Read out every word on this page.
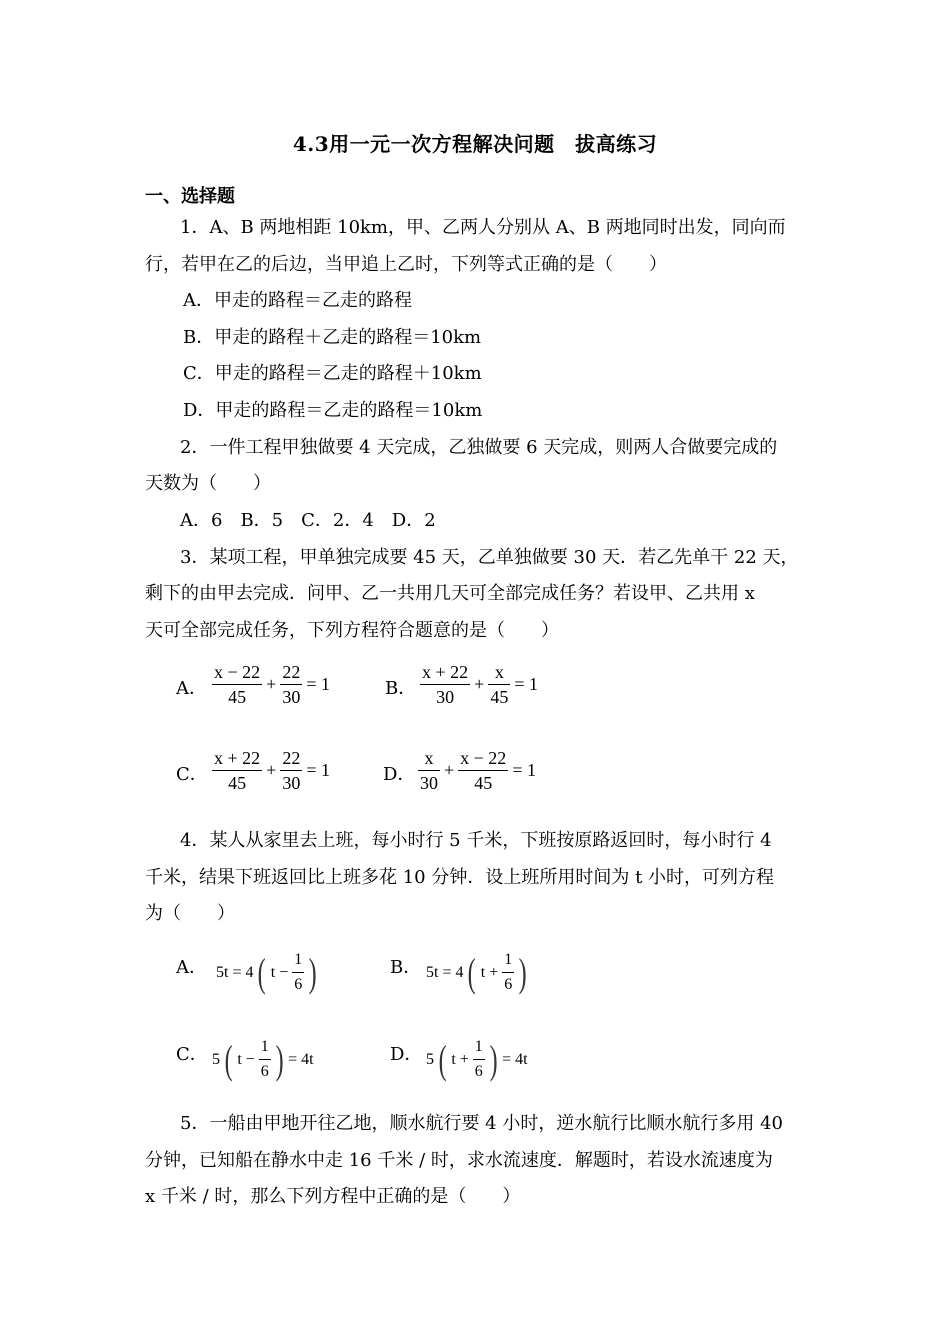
4.3用一元一次方程解决问题　拔高练习
一、选择题
1．A、B 两地相距 10km，甲、乙两人分别从 A、B 两地同时出发，同向而
行，若甲在乙的后边，当甲追上乙时，下列等式正确的是（　　）
A．甲走的路程＝乙走的路程
B．甲走的路程＋乙走的路程＝10km
C．甲走的路程＝乙走的路程＋10km
D．甲走的路程＝乙走的路程＝10km
2．一件工程甲独做要 4 天完成，乙独做要 6 天完成，则两人合做要完成的
天数为（　　）
A．6　B．5　C．2．4　D．2
3．某项工程，甲单独完成要 45 天，乙单独做要 30 天．若乙先单干 22 天，
剩下的由甲去完成．问甲、乙一共用几天可全部完成任务？若设甲、乙共用 x
天可全部完成任务，下列方程符合题意的是（　　）
A． $\frac{x - 22}{45} + \frac{22}{30} = 1$	B． $\frac{x + 22}{30} + \frac{x}{45} = 1$
C． $\frac{x + 22}{45} + \frac{22}{30} = 1$	D． $\frac{x}{30} + \frac{x - 22}{45} = 1$
4．某人从家里去上班，每小时行 5 千米，下班按原路返回时，每小时行 4
千米，结果下班返回比上班多花 10 分钟．设上班所用时间为 t 小时，可列方程
为（　　）
A． 5t = 4 ( $t - \frac{1}{6}$ )	B． 5t = 4 ( $t + \frac{1}{6}$ )
C． 5 ( $t - \frac{1}{6}$ ) = 4t	D． 5 ( $t + \frac{1}{6}$ ) = 4t
5．一船由甲地开往乙地，顺水航行要 4 小时，逆水航行比顺水航行多用 40
分钟，已知船在静水中走 16 千米 / 时，求水流速度．解题时，若设水流速度为
x 千米 / 时，那么下列方程中正确的是（　　）
